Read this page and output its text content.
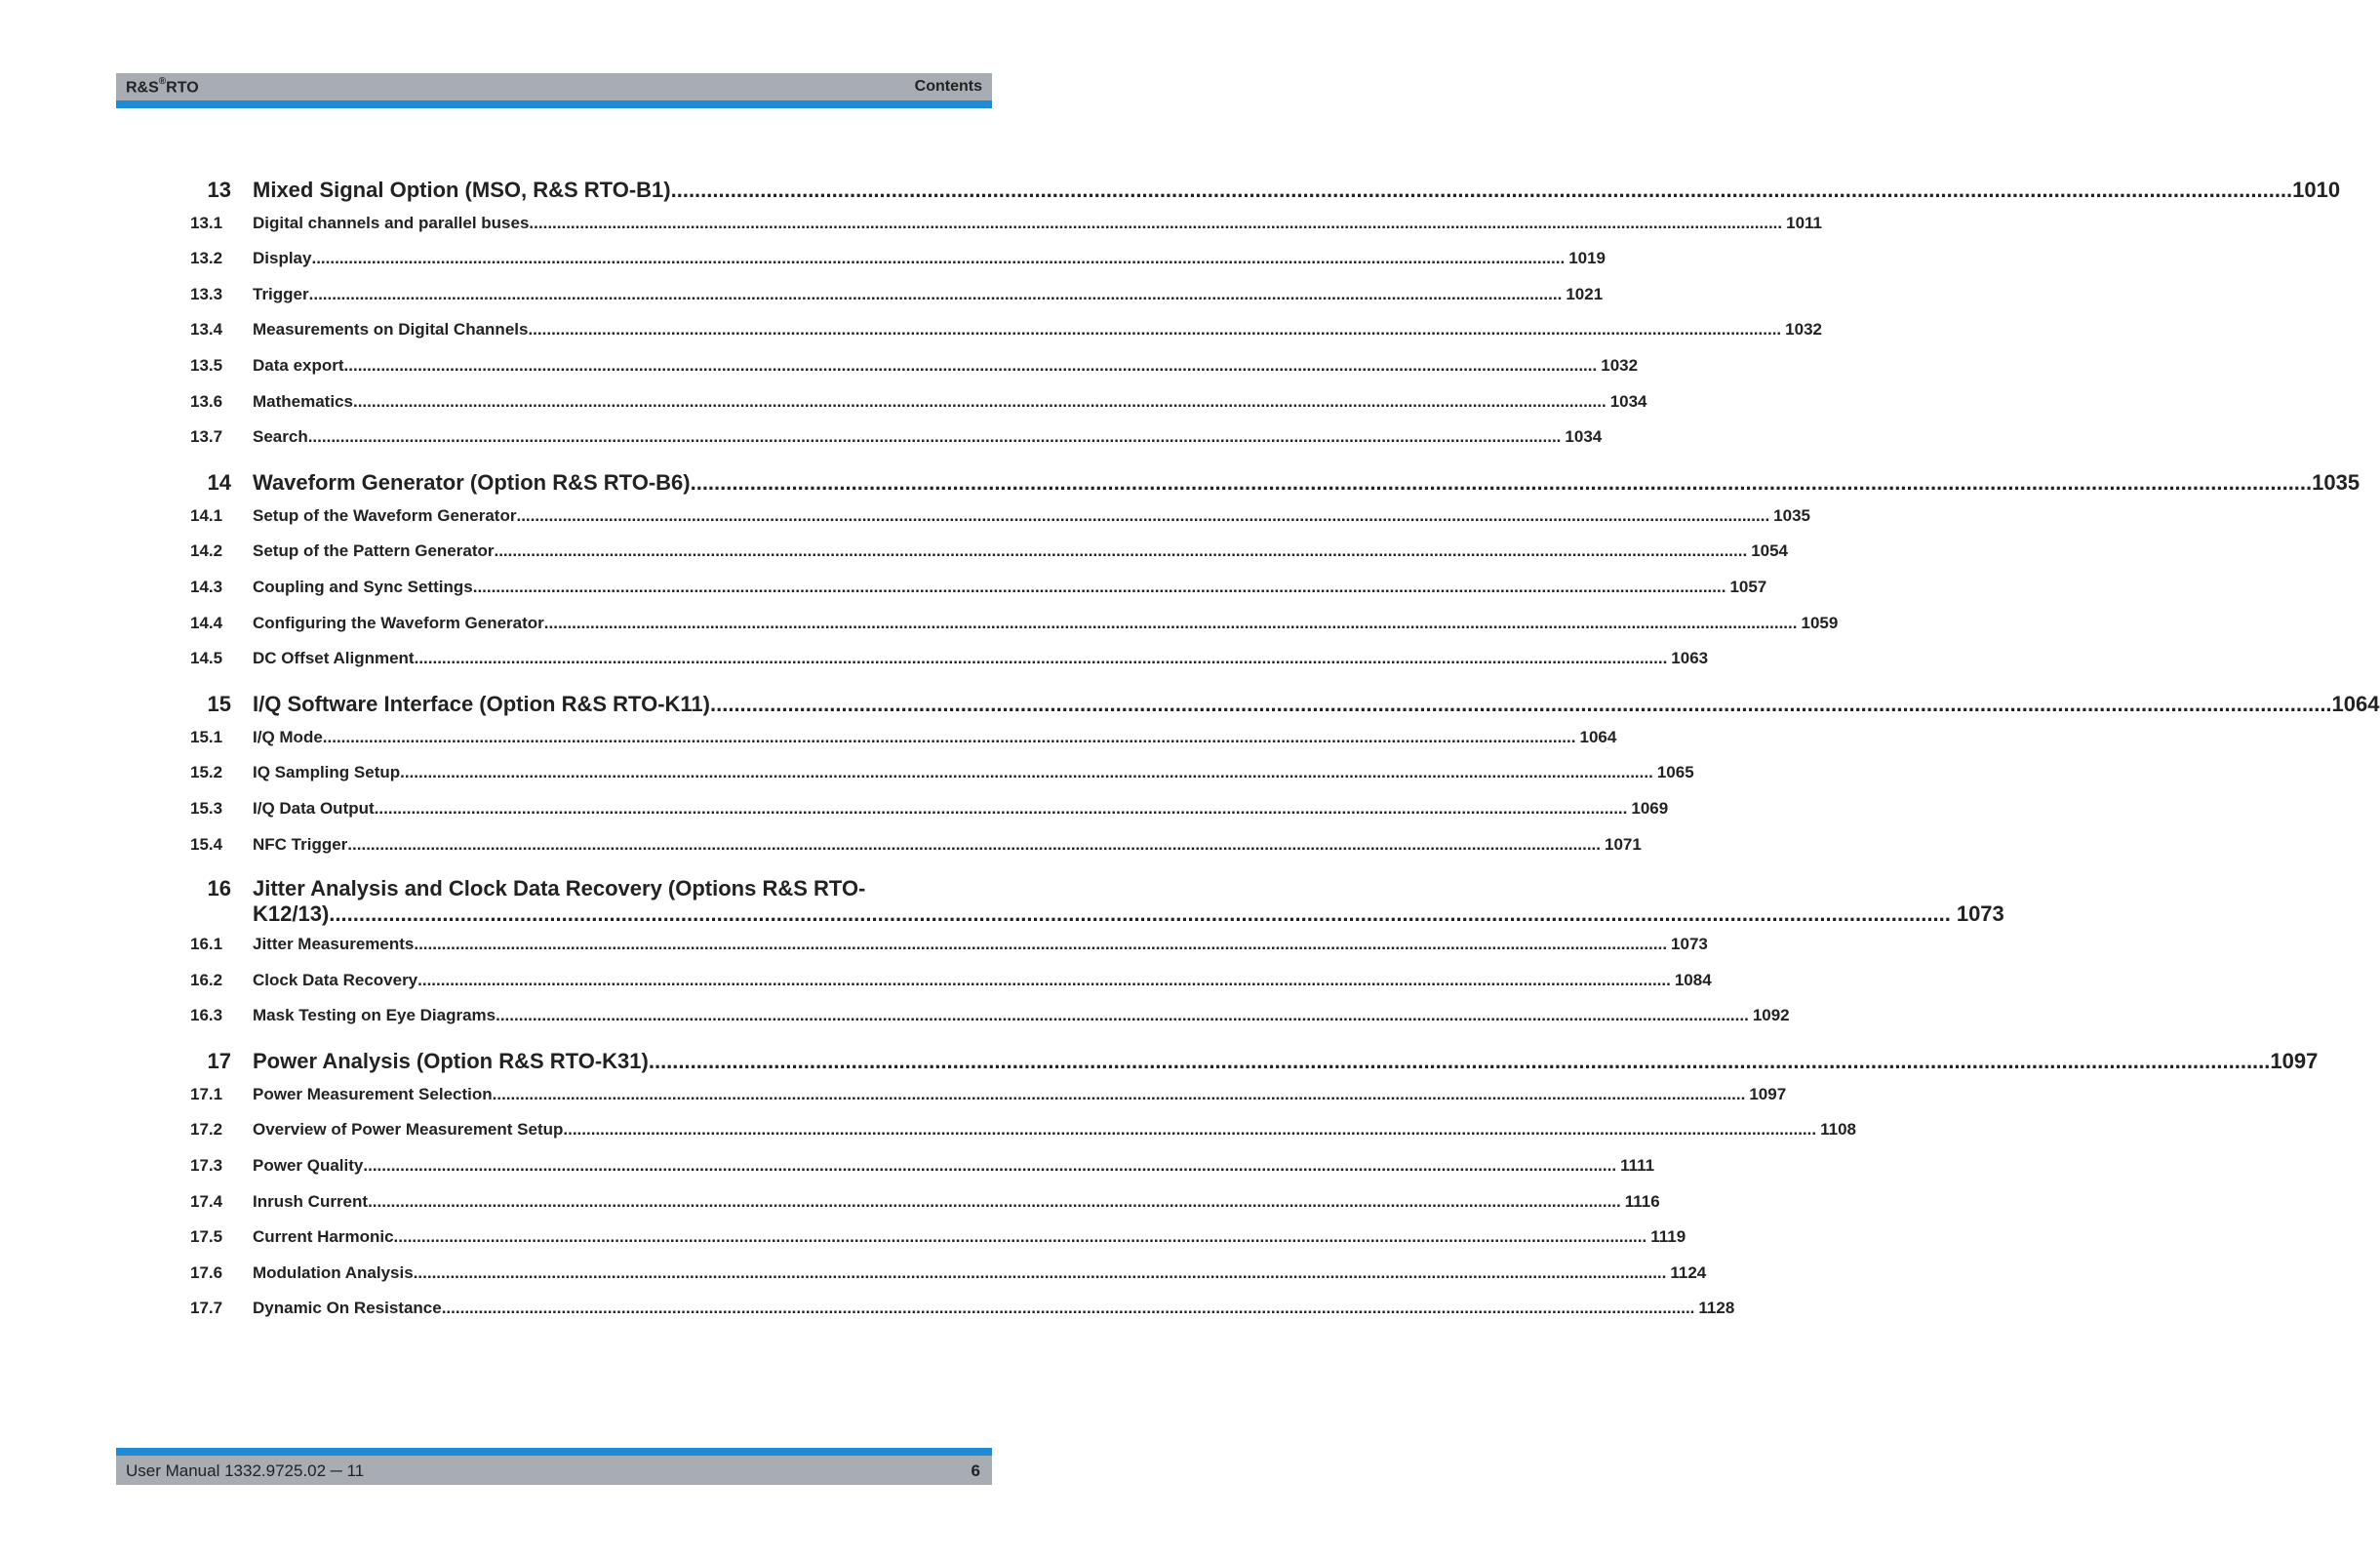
R&S®RTO	Contents
13	Mixed Signal Option (MSO, R&S RTO-B1) .....	1010
13.1	Digital channels and parallel buses .....	1011
13.2	Display .....	1019
13.3	Trigger .....	1021
13.4	Measurements on Digital Channels .....	1032
13.5	Data export .....	1032
13.6	Mathematics .....	1034
13.7	Search .....	1034
14	Waveform Generator (Option R&S RTO-B6) .....	1035
14.1	Setup of the Waveform Generator .....	1035
14.2	Setup of the Pattern Generator .....	1054
14.3	Coupling and Sync Settings .....	1057
14.4	Configuring the Waveform Generator .....	1059
14.5	DC Offset Alignment .....	1063
15	I/Q Software Interface (Option R&S RTO-K11) .....	1064
15.1	I/Q Mode .....	1064
15.2	IQ Sampling Setup .....	1065
15.3	I/Q Data Output .....	1069
15.4	NFC Trigger .....	1071
16	Jitter Analysis and Clock Data Recovery (Options R&S RTO-
K12/13) .....	1073
16.1	Jitter Measurements .....	1073
16.2	Clock Data Recovery .....	1084
16.3	Mask Testing on Eye Diagrams .....	1092
17	Power Analysis (Option R&S RTO-K31) .....	1097
17.1	Power Measurement Selection .....	1097
17.2	Overview of Power Measurement Setup .....	1108
17.3	Power Quality .....	1111
17.4	Inrush Current .....	1116
17.5	Current Harmonic .....	1119
17.6	Modulation Analysis .....	1124
17.7	Dynamic On Resistance .....	1128
User Manual 1332.9725.02 ─ 11	6
